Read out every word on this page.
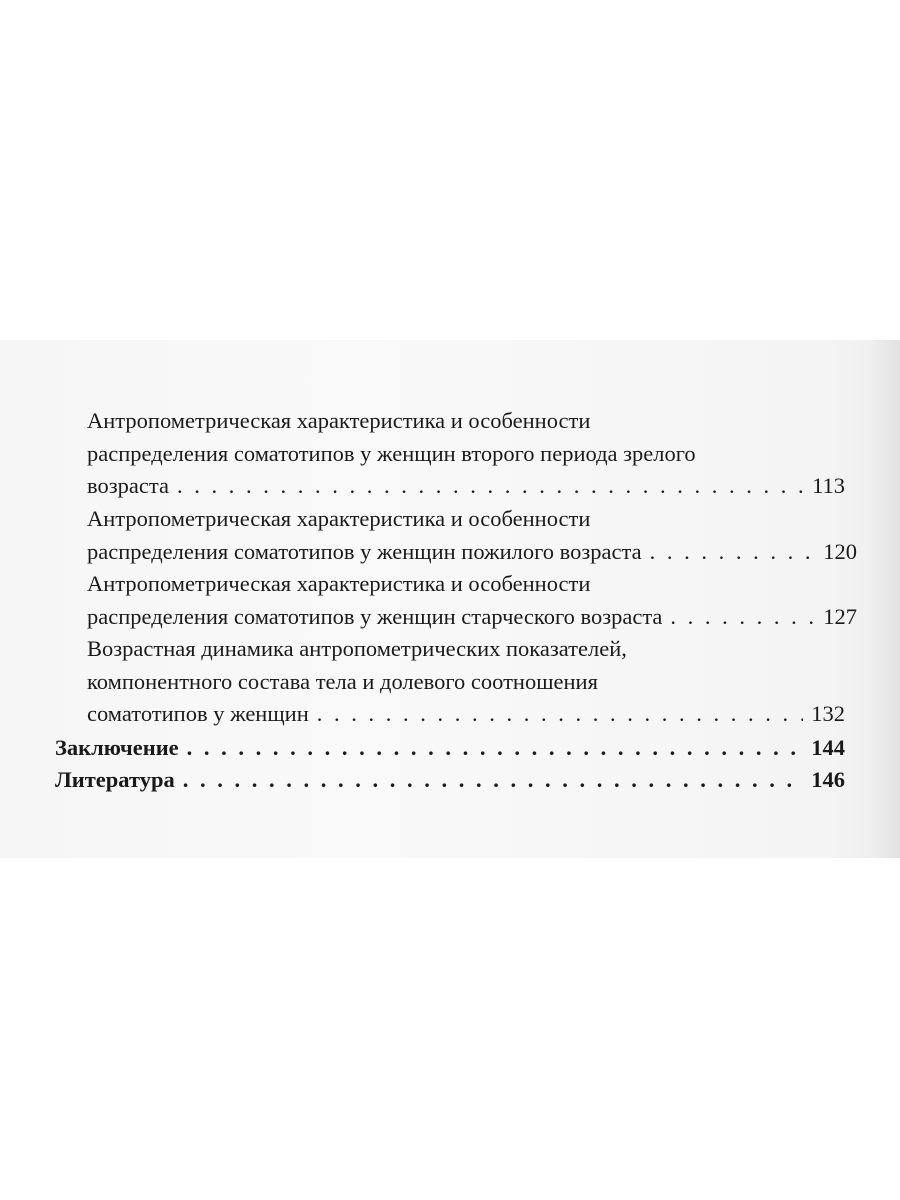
Антропометрическая характеристика и особенности
распределения соматотипов у женщин второго периода зрелого
возраста . . .	113
Антропометрическая характеристика и особенности
распределения соматотипов у женщин пожилого возраста . . .	120
Антропометрическая характеристика и особенности
распределения соматотипов у женщин старческого возраста . . .	127
Возрастная динамика антропометрических показателей,
компонентного состава тела и долевого соотношения
соматотипов у женщин . . .	132
Заключение . . .	144
Литература . . .	146
